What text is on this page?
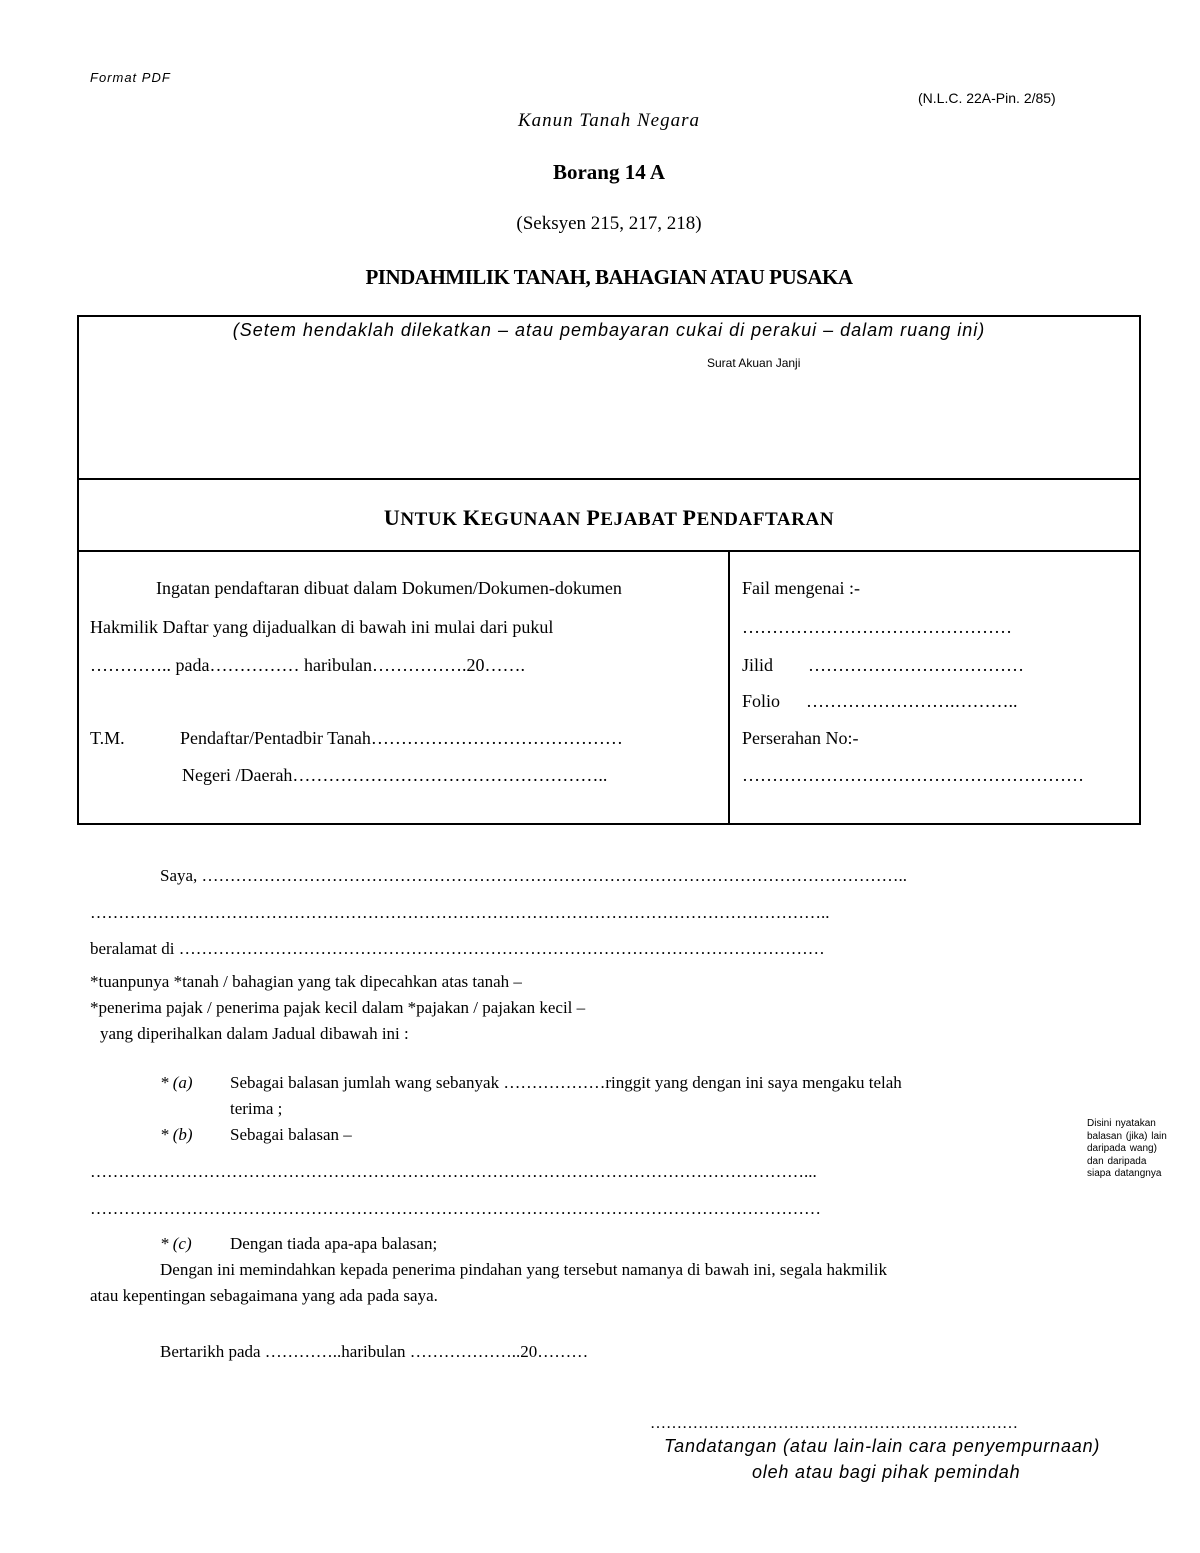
Format PDF
(N.L.C. 22A-Pin. 2/85)
Kanun Tanah Negara
Borang 14 A
(Seksyen 215, 217, 218)
PINDAHMILIK TANAH, BAHAGIAN ATAU PUSAKA
(Setem hendaklah dilekatkan – atau pembayaran cukai di perakui – dalam ruang ini)
Surat Akuan Janji
UNTUK KEGUNAAN PEJABAT PENDAFTARAN
Ingatan pendaftaran dibuat dalam Dokumen/Dokumen-dokumen
Hakmilik Daftar yang dijadualkan di bawah ini mulai dari pukul
………….. pada…………… haribulan…………….20…….
T.M.	Pendaftar/Pentadbir Tanah……………………………………
Negeri /Daerah……………………………………………..
Fail mengenai :-
………………………………………
Jilid ………………………………
Folio …………………….………..
Perserahan No:-
…………………………………………………
Saya, ……………………………………………………………………………………………………………..
…………………………………………………………………………………………………………………..
beralamat di ……………………………………………………………………………………………………
*tuanpunya *tanah / bahagian yang tak dipecahkan atas tanah –
*penerima pajak / penerima pajak kecil dalam *pajakan / pajakan kecil –
yang diperihalkan dalam Jadual dibawah ini :
* (a) Sebagai balasan jumlah wang sebanyak ………………ringgit yang dengan ini saya mengaku telah
terima ;
* (b) Sebagai balasan –
………………………………………………………………………………………………………………...
…………………………………………………………………………………………………………………
* (c) Dengan tiada apa-apa balasan;
Dengan ini memindahkan kepada penerima pindahan yang tersebut namanya di bawah ini, segala hakmilik
atau kepentingan sebagaimana yang ada pada saya.
Bertarikh pada …………..haribulan ………………..20………
Disini nyatakan balasan (jika) lain daripada wang) dan daripada siapa datangnya
……………………………………………………………
Tandatangan (atau lain-lain cara penyempurnaan)
oleh atau bagi pihak pemindah
